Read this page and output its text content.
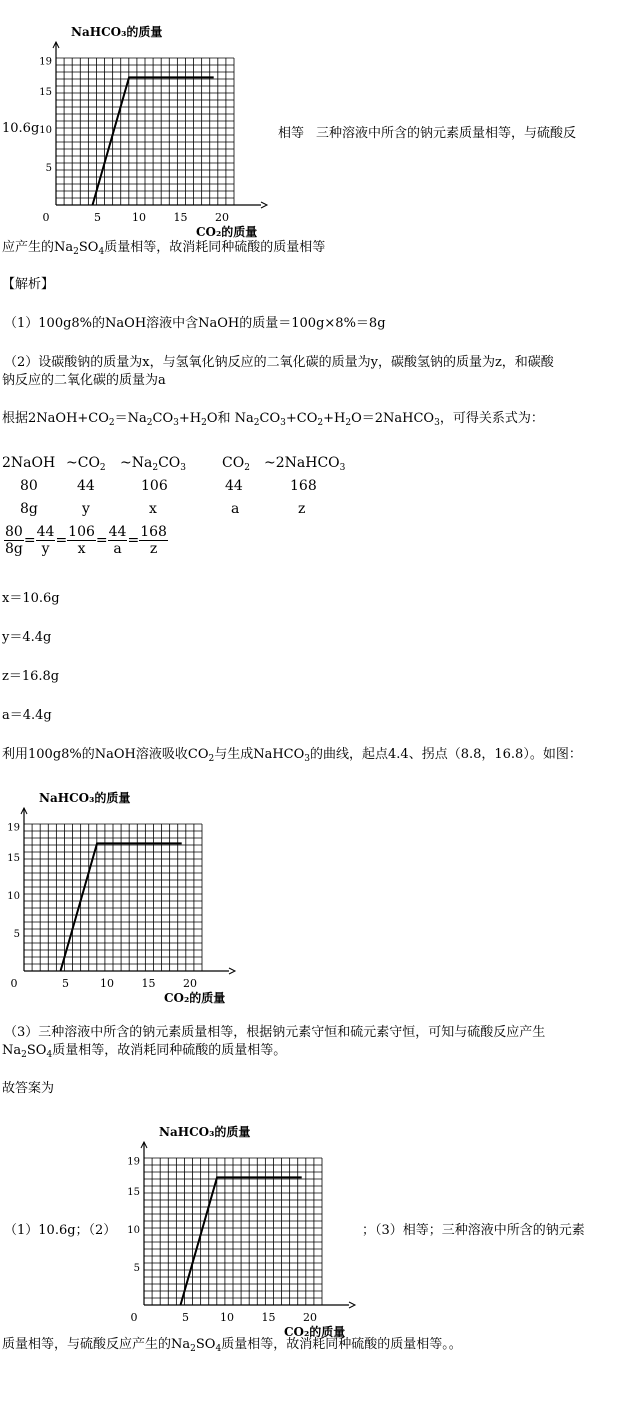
10.6g
NaHCO₃的质量
0	5	10	15	20
5
10
15
19
CO₂的质量
相等 三种溶液中所含的钠元素质量相等，与硫酸反
应产生的$Na_2SO_4$质量相等，故消耗同种硫酸的质量相等
【解析】
（1）100g8%的NaOH溶液中含NaOH的质量＝100g×8%＝8g
（2）设碳酸钠的质量为x，与氢氧化钠反应的二氧化碳的质量为y，碳酸氢钠的质量为z，和碳酸
钠反应的二氧化碳的质量为a
根据$2NaOH+CO_2=Na_2CO_3+H_2O$和 $Na_2CO_3+CO_2+H_2O=2NaHCO_3$，可得关系式为：
2NaOH $\sim CO_2$ $\sim Na_2CO_3$	$CO_2$ ~2NaHCO$_3$
80	44	106	44	168
8g	y	x	a	z
$\frac{80}{8g} = \frac{44}{y} = \frac{106}{x} = \frac{44}{a} = \frac{168}{z}$
x＝10.6g
y＝4.4g
z＝16.8g
a＝4.4g
利用100g8%的NaOH溶液吸收$CO_2$与生成NaHCO$_3$的曲线，起点4.4、拐点（8.8，16.8）。如图：
NaHCO₃的质量
0	5	10	15	20
5
10
15
19
CO₂的质量
（3）三种溶液中所含的钠元素质量相等，根据钠元素守恒和硫元素守恒，可知与硫酸反应产生
$Na_2SO_4$质量相等，故消耗同种硫酸的质量相等。
故答案为
（1）10.6g；（2）
NaHCO₃的质量
0	5	10	15	20
5
10
15
19
CO₂的质量
；（3）相等；三种溶液中所含的钠元素
质量相等，与硫酸反应产生的$Na_2SO_4$质量相等，故消耗同种硫酸的质量相等。。
